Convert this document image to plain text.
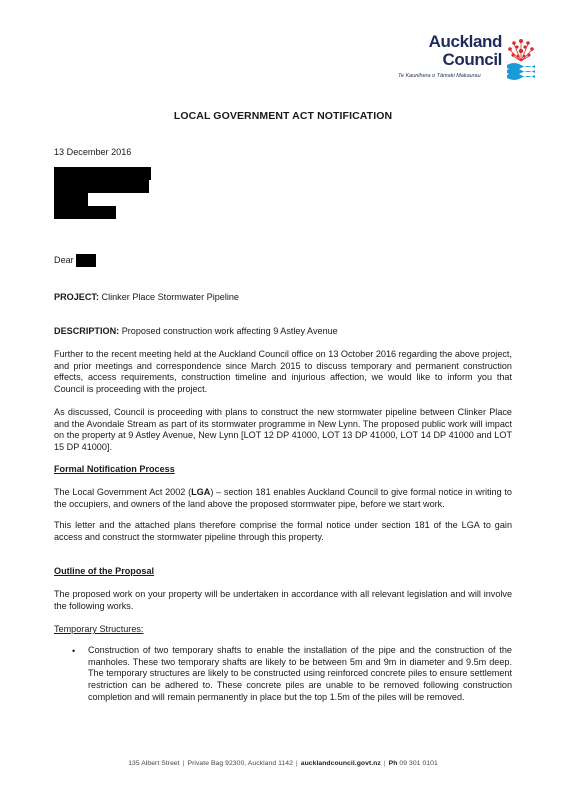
Auckland
Council
Te Kaunihera o Tāmaki Makaurau
LOCAL GOVERNMENT ACT NOTIFICATION
13 December 2016
Dear
PROJECT: Clinker Place Stormwater Pipeline
DESCRIPTION: Proposed construction work affecting 9 Astley Avenue
Further to the recent meeting held at the Auckland Council office on 13 October 2016 regarding the above project, and prior meetings and correspondence since March 2015 to discuss temporary and permanent construction effects, access requirements, construction timeline and injurious affection, we would like to inform you that Council is proceeding with the project.
As discussed, Council is proceeding with plans to construct the new stormwater pipeline between Clinker Place and the Avondale Stream as part of its stormwater programme in New Lynn. The proposed public work will impact on the property at 9 Astley Avenue, New Lynn [LOT 12 DP 41000, LOT 13 DP 41000, LOT 14 DP 41000 and LOT 15 DP 41000].
Formal Notification Process
The Local Government Act 2002 (LGA) – section 181 enables Auckland Council to give formal notice in writing to the occupiers, and owners of the land above the proposed stormwater pipe, before we start work.
This letter and the attached plans therefore comprise the formal notice under section 181 of the LGA to gain access and construct the stormwater pipeline through this property.
Outline of the Proposal
The proposed work on your property will be undertaken in accordance with all relevant legislation and will involve the following works.
Temporary Structures:
• Construction of two temporary shafts to enable the installation of the pipe and the construction of the manholes. These two temporary shafts are likely to be between 5m and 9m in diameter and 9.5m deep. The temporary structures are likely to be constructed using reinforced concrete piles to ensure settlement restriction can be adhered to. These concrete piles are unable to be removed following construction completion and will remain permanently in place but the top 1.5m of the piles will be removed.
135 Albert Street | Private Bag 92300, Auckland 1142 | aucklandcouncil.govt.nz | Ph 09 301 0101
